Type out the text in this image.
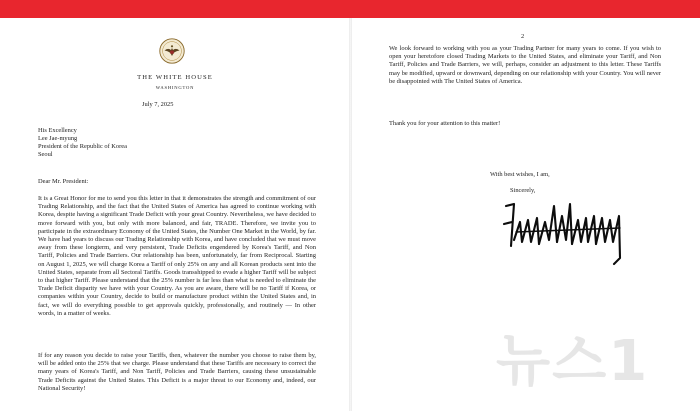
THE WHITE HOUSE
WASHINGTON
July 7, 2025
His Excellency
Lee Jae-myung
President of the Republic of Korea
Seoul
Dear Mr. President:
It is a Great Honor for me to send you this letter in that it demonstrates the strength and commitment of our Trading Relationship, and the fact that the United States of America has agreed to continue working with Korea, despite having a significant Trade Deficit with your great Country. Nevertheless, we have decided to move forward with you, but only with more balanced, and fair, TRADE. Therefore, we invite you to participate in the extraordinary Economy of the United States, the Number One Market in the World, by far. We have had years to discuss our Trading Relationship with Korea, and have concluded that we must move away from these longterm, and very persistent, Trade Deficits engendered by Korea's Tariff, and Non Tariff, Policies and Trade Barriers. Our relationship has been, unfortunately, far from Reciprocal. Starting on August 1, 2025, we will charge Korea a Tariff of only 25% on any and all Korean products sent into the United States, separate from all Sectoral Tariffs. Goods transshipped to evade a higher Tariff will be subject to that higher Tariff. Please understand that the 25% number is far less than what is needed to eliminate the Trade Deficit disparity we have with your Country. As you are aware, there will be no Tariff if Korea, or companies within your Country, decide to build or manufacture product within the United States and, in fact, we will do everything possible to get approvals quickly, professionally, and routinely — In other words, in a matter of weeks.
If for any reason you decide to raise your Tariffs, then, whatever the number you choose to raise them by, will be added onto the 25% that we charge. Please understand that these Tariffs are necessary to correct the many years of Korea's Tariff, and Non Tariff, Policies and Trade Barriers, causing these unsustainable Trade Deficits against the United States. This Deficit is a major threat to our Economy and, indeed, our National Security!
2
We look forward to working with you as your Trading Partner for many years to come. If you wish to open your heretofore closed Trading Markets to the United States, and eliminate your Tariff, and Non Tariff, Policies and Trade Barriers, we will, perhaps, consider an adjustment to this letter. These Tariffs may be modified, upward or downward, depending on our relationship with your Country. You will never be disappointed with The United States of America.
Thank you for your attention to this matter!
With best wishes, I am,
Sincerely,
뉴스1
